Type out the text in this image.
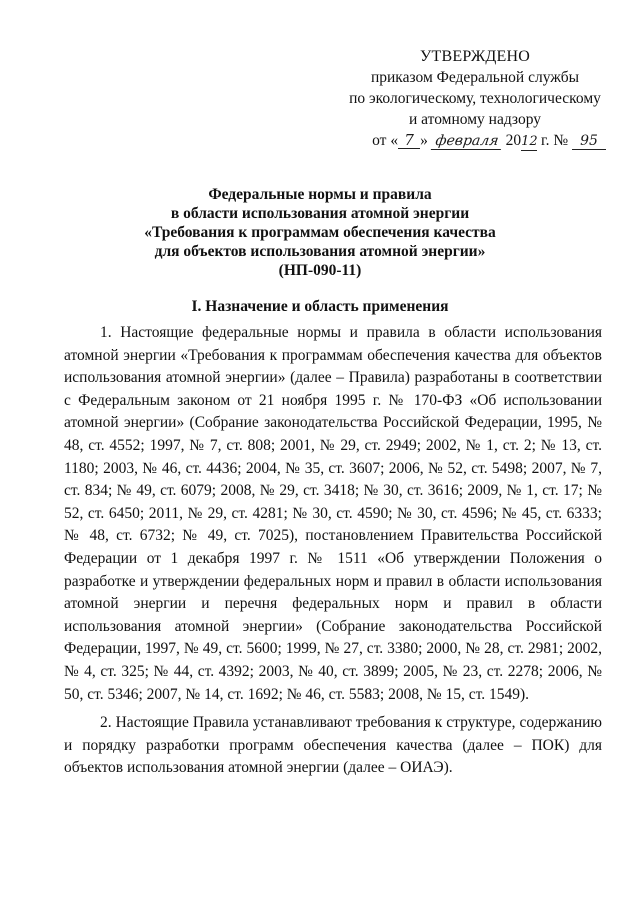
УТВЕРЖДЕНО
приказом Федеральной службы
по экологическому, технологическому
и атомному надзору
от « 7 » февраля 2012 г. № 95
Федеральные нормы и правила
в области использования атомной энергии
«Требования к программам обеспечения качества
для объектов использования атомной энергии»
(НП-090-11)
I. Назначение и область применения

1. Настоящие федеральные нормы и правила в области использования атомной энергии «Требования к программам обеспечения качества для объектов использования атомной энергии» (далее – Правила) разработаны в соответствии с Федеральным законом от 21 ноября 1995 г. № 170-ФЗ «Об использовании атомной энергии» (Собрание законодательства Российской Федерации, 1995, № 48, ст. 4552; 1997, № 7, ст. 808; 2001, № 29, ст. 2949; 2002, № 1, ст. 2; № 13, ст. 1180; 2003, № 46, ст. 4436; 2004, № 35, ст. 3607; 2006, № 52, ст. 5498; 2007, № 7, ст. 834; № 49, ст. 6079; 2008, № 29, ст. 3418; № 30, ст. 3616; 2009, № 1, ст. 17; № 52, ст. 6450; 2011, № 29, ст. 4281; № 30, ст. 4590; № 30, ст. 4596; № 45, ст. 6333; № 48, ст. 6732; № 49, ст. 7025), постановлением Правительства Российской Федерации от 1 декабря 1997 г. № 1511 «Об утверждении Положения о разработке и утверждении федеральных норм и правил в области использования атомной энергии и перечня федеральных норм и правил в области использования атомной энергии» (Собрание законодательства Российской Федерации, 1997, № 49, ст. 5600; 1999, № 27, ст. 3380; 2000, № 28, ст. 2981; 2002, № 4, ст. 325; № 44, ст. 4392; 2003, № 40, ст. 3899; 2005, № 23, ст. 2278; 2006, № 50, ст. 5346; 2007, № 14, ст. 1692; № 46, ст. 5583; 2008, № 15, ст. 1549).

2. Настоящие Правила устанавливают требования к структуре, содержанию и порядку разработки программ обеспечения качества (далее – ПОК) для объектов использования атомной энергии (далее – ОИАЭ).
